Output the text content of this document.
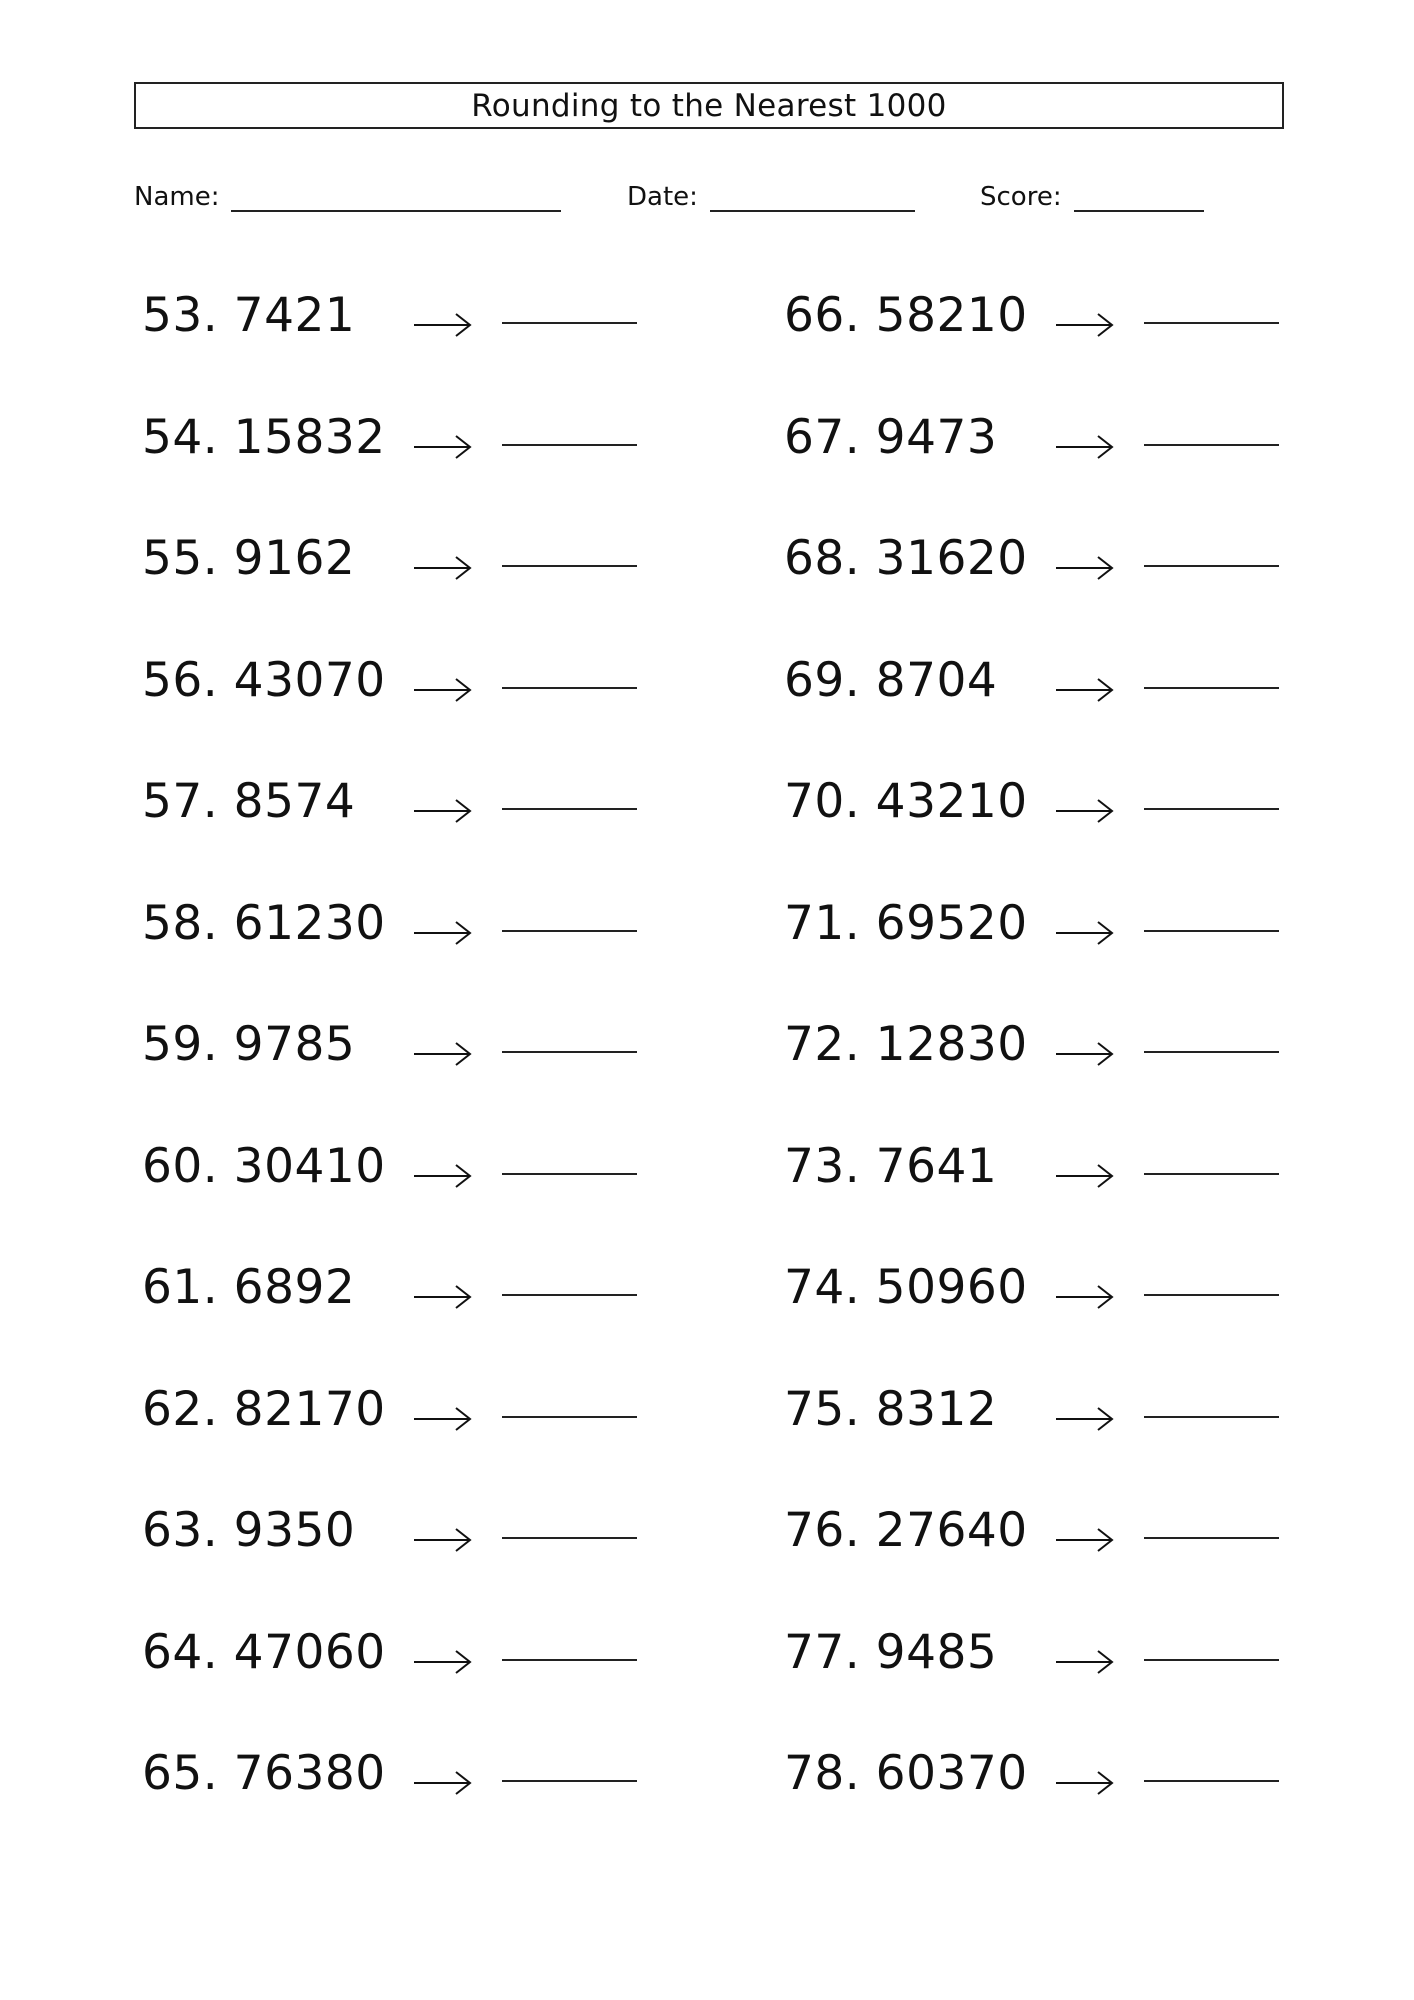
Rounding to the Nearest 1000
Name:	Date:	Score:
53. 7421
54. 15832
55. 9162
56. 43070
57. 8574
58. 61230
59. 9785
60. 30410
61. 6892
62. 82170
63. 9350
64. 47060
65. 76380
66. 58210
67. 9473
68. 31620
69. 8704
70. 43210
71. 69520
72. 12830
73. 7641
74. 50960
75. 8312
76. 27640
77. 9485
78. 60370
